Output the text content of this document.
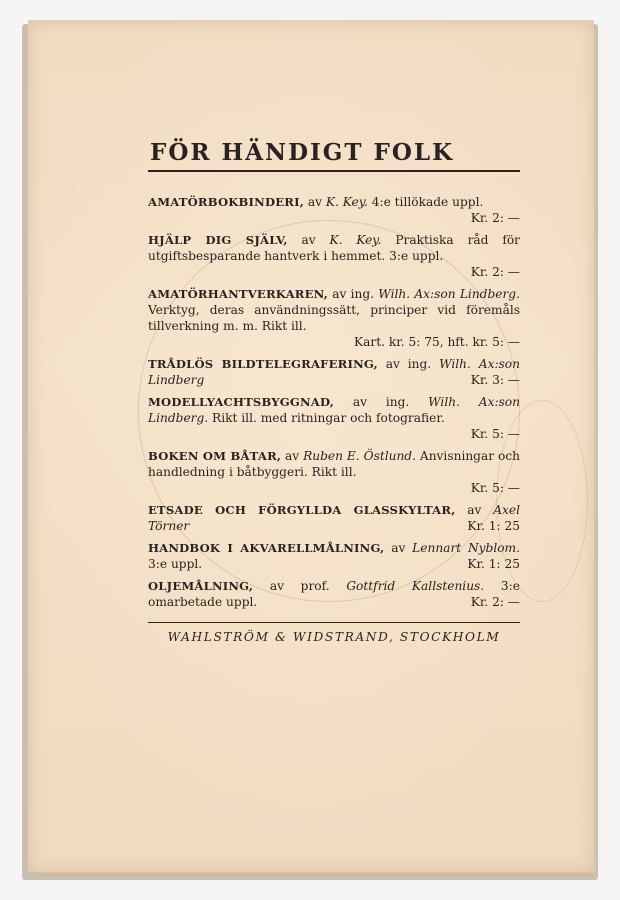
FÖR HÄNDIGT FOLK
AMATÖRBOKBINDERI, av K. Key. 4:e tillökade uppl.
Kr. 2: —
HJÄLP DIG SJÄLV, av K. Key. Praktiska råd för utgiftsbesparande hantverk i hemmet. 3:e uppl.
Kr. 2: —
AMATÖRHANTVERKAREN, av ing. Wilh. Ax:son Lindberg. Verktyg, deras användningssätt, principer vid föremåls tillverkning m. m. Rikt ill.
Kart. kr. 5: 75, hft. kr. 5: —
TRÅDLÖS BILDTELEGRAFERING, av ing. Wilh. Ax:son Lindberg	Kr. 3: —
MODELLYACHTSBYGGNAD, av ing. Wilh. Ax:son Lindberg. Rikt ill. med ritningar och fotografier.
Kr. 5: —
BOKEN OM BÅTAR, av Ruben E. Östlund. Anvisningar och handledning i båtbyggeri. Rikt ill.
Kr. 5: —
ETSADE OCH FÖRGYLLDA GLASSKYLTAR, av Axel Törner	Kr. 1: 25
HANDBOK I AKVARELLMÅLNING, av Lennart Nyblom. 3:e uppl.	Kr. 1: 25
OLJEMÅLNING, av prof. Gottfrid Kallstenius. 3:e omarbetade uppl.	Kr. 2: —
WAHLSTRÖM & WIDSTRAND, STOCKHOLM
